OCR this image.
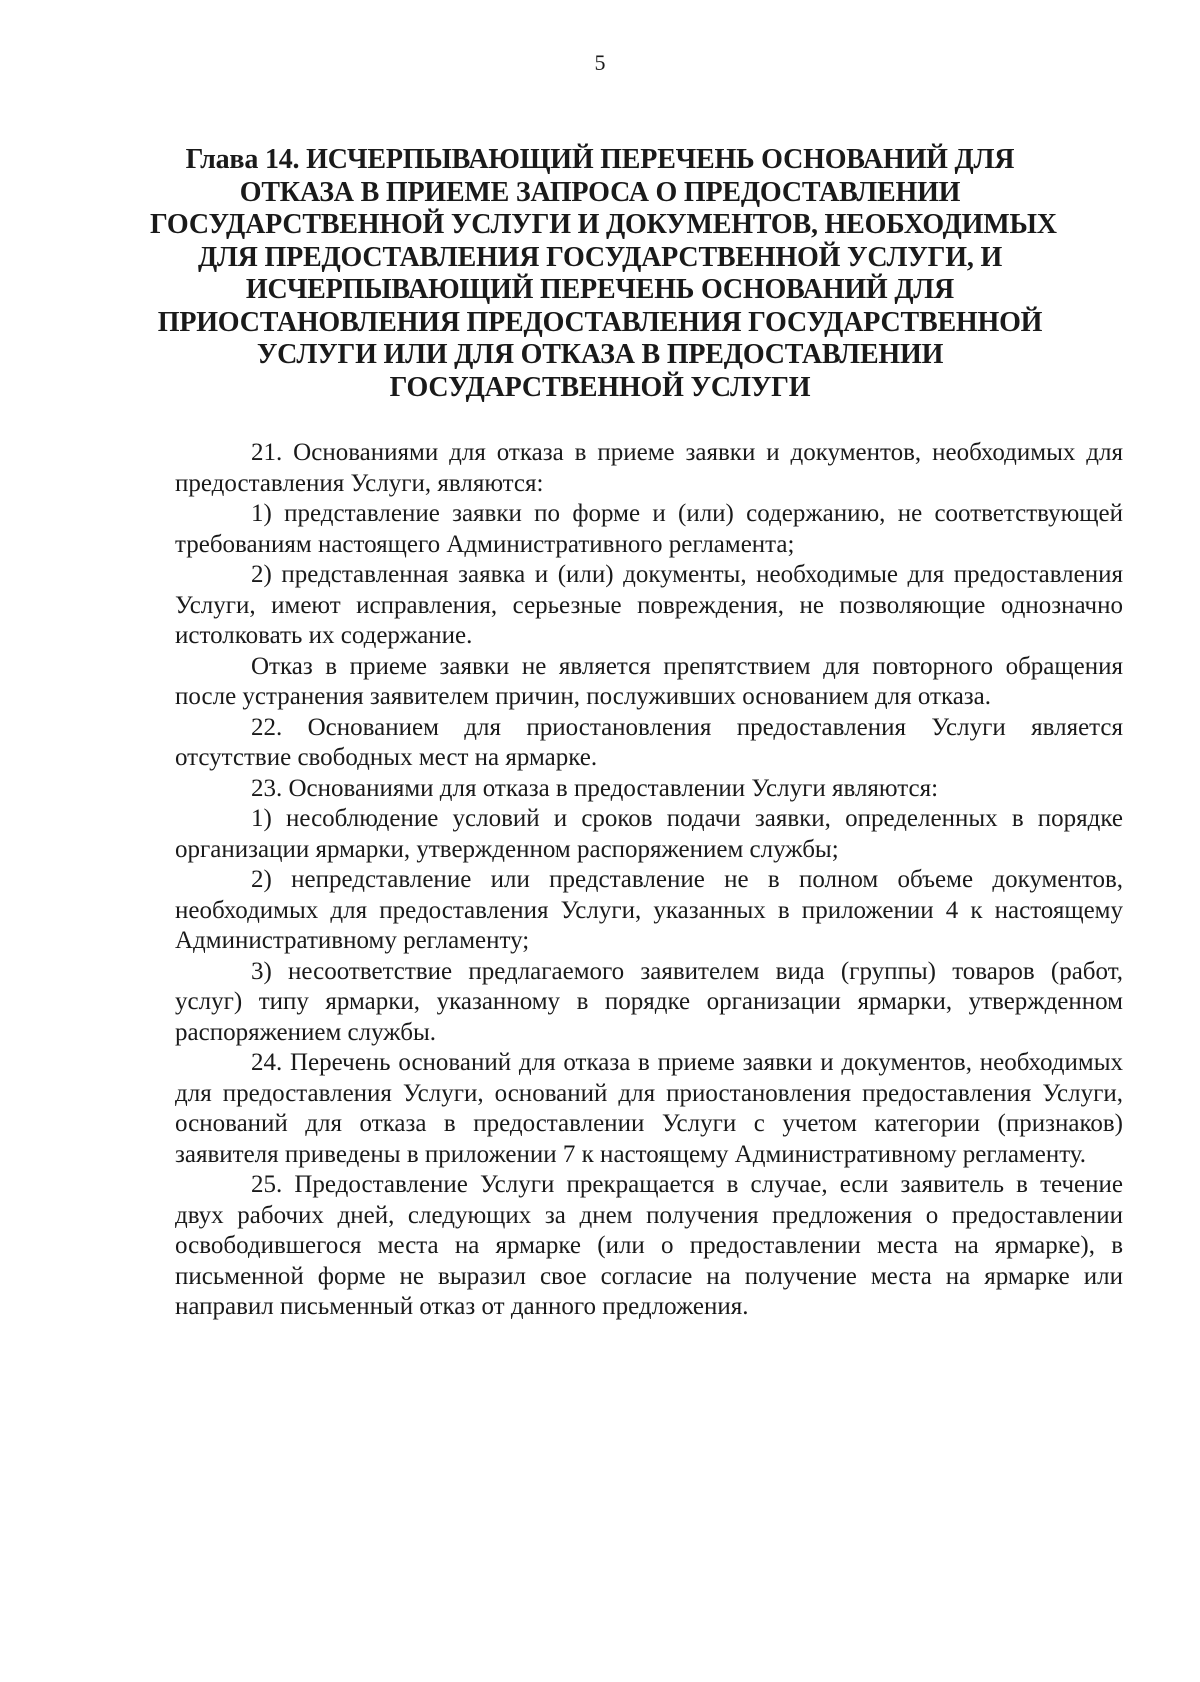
5
Глава 14. ИСЧЕРПЫВАЮЩИЙ ПЕРЕЧЕНЬ ОСНОВАНИЙ ДЛЯ
ОТКАЗА В ПРИЕМЕ ЗАПРОСА О ПРЕДОСТАВЛЕНИИ
ГОСУДАРСТВЕННОЙ УСЛУГИ И ДОКУМЕНТОВ, НЕОБХОДИМЫХ
ДЛЯ ПРЕДОСТАВЛЕНИЯ ГОСУДАРСТВЕННОЙ УСЛУГИ, И
ИСЧЕРПЫВАЮЩИЙ ПЕРЕЧЕНЬ ОСНОВАНИЙ ДЛЯ
ПРИОСТАНОВЛЕНИЯ ПРЕДОСТАВЛЕНИЯ ГОСУДАРСТВЕННОЙ
УСЛУГИ ИЛИ ДЛЯ ОТКАЗА В ПРЕДОСТАВЛЕНИИ
ГОСУДАРСТВЕННОЙ УСЛУГИ

21. Основаниями для отказа в приеме заявки и документов, необходимых для предоставления Услуги, являются:

1) представление заявки по форме и (или) содержанию, не соответствующей требованиям настоящего Административного регламента;

2) представленная заявка и (или) документы, необходимые для предоставления Услуги, имеют исправления, серьезные повреждения, не позволяющие однозначно истолковать их содержание.

Отказ в приеме заявки не является препятствием для повторного обращения после устранения заявителем причин, послуживших основанием для отказа.

22. Основанием для приостановления предоставления Услуги является отсутствие свободных мест на ярмарке.

23. Основаниями для отказа в предоставлении Услуги являются:

1) несоблюдение условий и сроков подачи заявки, определенных в порядке организации ярмарки, утвержденном распоряжением службы;

2) непредставление или представление не в полном объеме документов, необходимых для предоставления Услуги, указанных в приложении 4 к настоящему Административному регламенту;

3) несоответствие предлагаемого заявителем вида (группы) товаров (работ, услуг) типу ярмарки, указанному в порядке организации ярмарки, утвержденном распоряжением службы.

24. Перечень оснований для отказа в приеме заявки и документов, необходимых для предоставления Услуги, оснований для приостановления предоставления Услуги, оснований для отказа в предоставлении Услуги с учетом категории (признаков) заявителя приведены в приложении 7 к настоящему Административному регламенту.

25. Предоставление Услуги прекращается в случае, если заявитель в течение двух рабочих дней, следующих за днем получения предложения о предоставлении освободившегося места на ярмарке (или о предоставлении места на ярмарке), в письменной форме не выразил свое согласие на получение места на ярмарке или направил письменный отказ от данного предложения.
